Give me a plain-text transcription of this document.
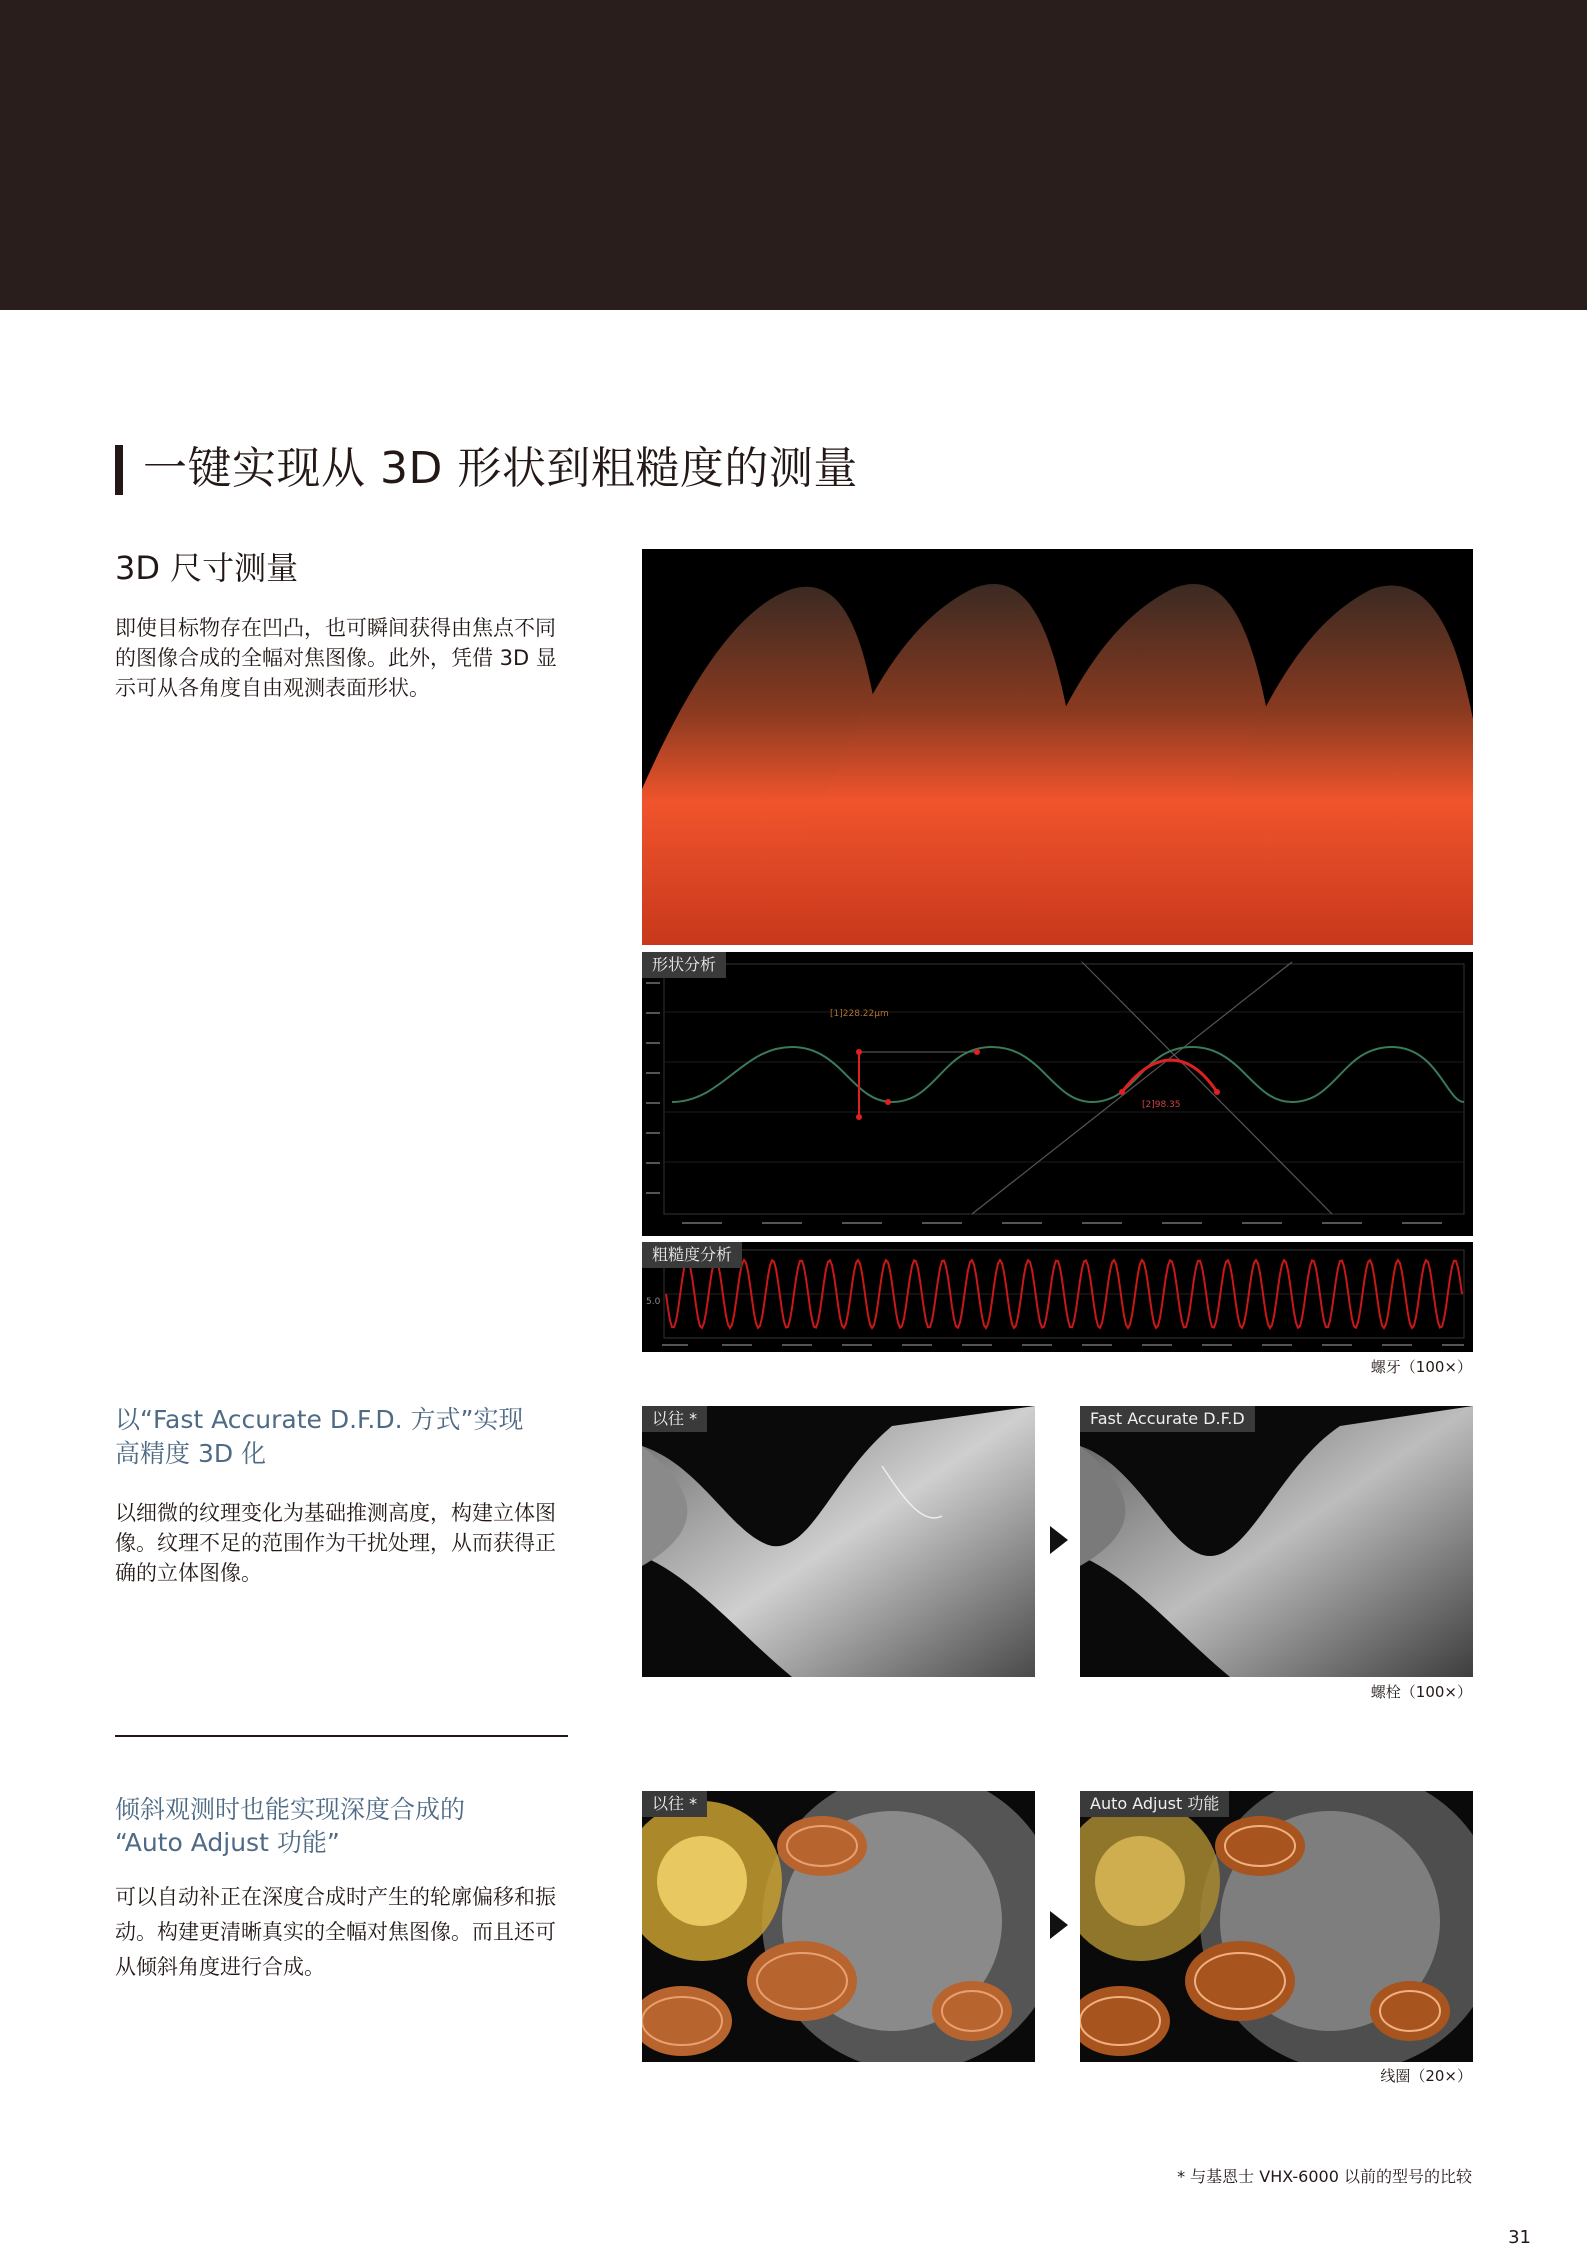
一键实现从 3D 形状到粗糙度的测量
3D 尺寸测量
即使目标物存在凹凸，也可瞬间获得由焦点不同的图像合成的全幅对焦图像。此外，凭借 3D 显示可从各角度自由观测表面形状。
形状分析
[1]228.22μm
[2]98.35
粗糙度分析
5.0
螺牙（100×）
以“Fast Accurate D.F.D. 方式”实现
高精度 3D 化
以细微的纹理变化为基础推测高度，构建立体图像。纹理不足的范围作为干扰处理，从而获得正确的立体图像。
以往 *	Fast Accurate D.F.D
螺栓（100×）
倾斜观测时也能实现深度合成的
“Auto Adjust 功能”
可以自动补正在深度合成时产生的轮廓偏移和振动。构建更清晰真实的全幅对焦图像。而且还可从倾斜角度进行合成。
以往 *	Auto Adjust 功能
线圈（20×）
* 与基恩士 VHX-6000 以前的型号的比较
31
